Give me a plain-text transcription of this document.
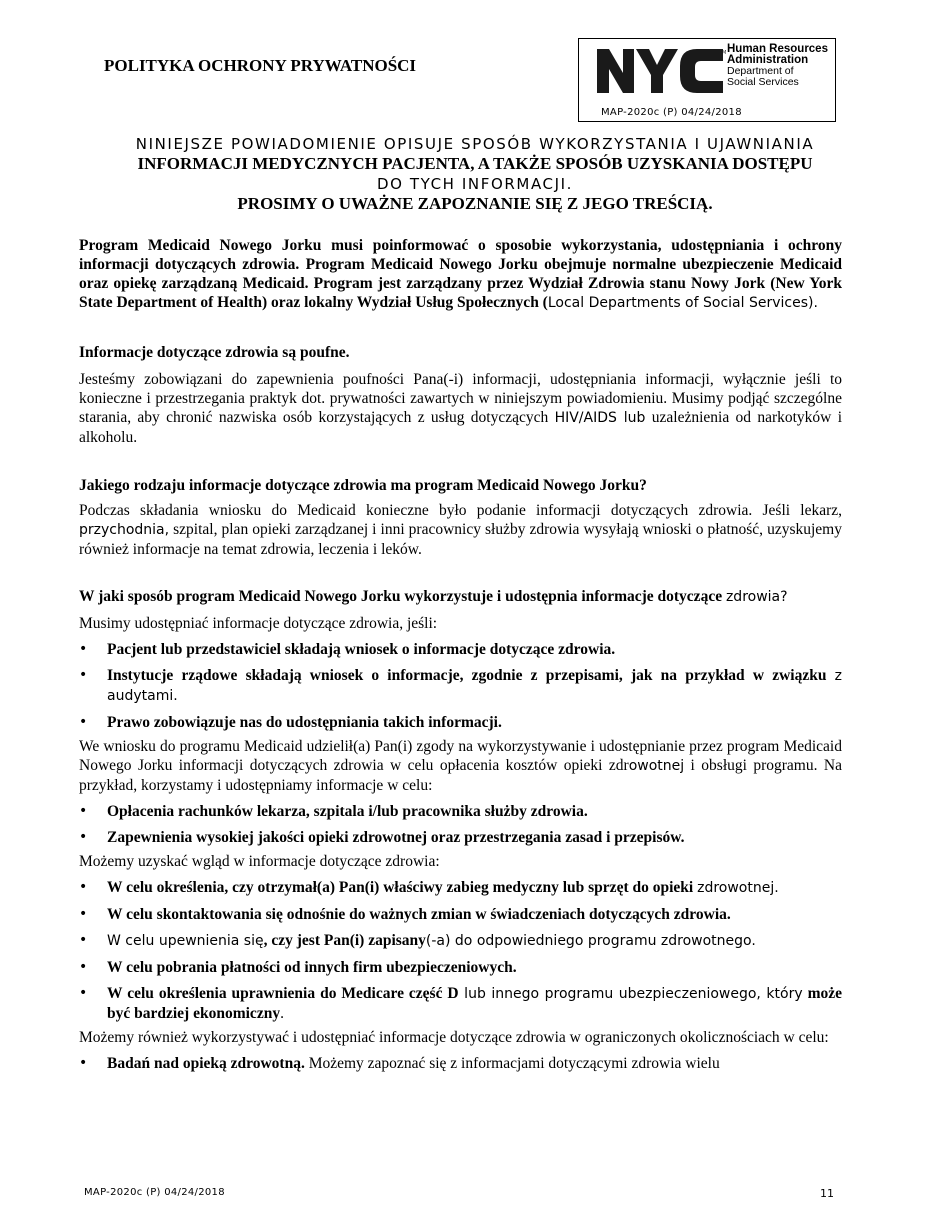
POLITYKA OCHRONY PRYWATNOŚCI
TM Human Resources
Administration
Department of
Social Services
MAP-2020c (P) 04/24/2018
NINIEJSZE POWIADOMIENIE OPISUJE SPOSÓB WYKORZYSTANIA I UJAWNIANIA
INFORMACJI MEDYCZNYCH PACJENTA, A TAKŻE SPOSÓB UZYSKANIA DOSTĘPU
DO TYCH INFORMACJI.
PROSIMY O UWAŻNE ZAPOZNANIE SIĘ Z JEGO TREŚCIĄ.

Program Medicaid Nowego Jorku musi poinformować o sposobie wykorzystania, udostępniania i ochrony informacji dotyczących zdrowia. Program Medicaid Nowego Jorku obejmuje normalne ubezpieczenie Medicaid oraz opiekę zarządzaną Medicaid. Program jest zarządzany przez Wydział Zdrowia stanu Nowy Jork (New York State Department of Health) oraz lokalny Wydział Usług Społecznych (Local Departments of Social Services).

Informacje dotyczące zdrowia są poufne.

Jesteśmy zobowiązani do zapewnienia poufności Pana(-i) informacji, udostępniania informacji, wyłącznie jeśli to konieczne i przestrzegania praktyk dot. prywatności zawartych w niniejszym powiadomieniu. Musimy podjąć szczególne starania, aby chronić nazwiska osób korzystających z usług dotyczących HIV/AIDS lub uzależnienia od narkotyków i alkoholu.

Jakiego rodzaju informacje dotyczące zdrowia ma program Medicaid Nowego Jorku?

Podczas składania wniosku do Medicaid konieczne było podanie informacji dotyczących zdrowia. Jeśli lekarz, przychodnia, szpital, plan opieki zarządzanej i inni pracownicy służby zdrowia wysyłają wnioski o płatność, uzyskujemy również informacje na temat zdrowia, leczenia i leków.

W jaki sposób program Medicaid Nowego Jorku wykorzystuje i udostępnia informacje dotyczące zdrowia?

Musimy udostępniać informacje dotyczące zdrowia, jeśli:

• Pacjent lub przedstawiciel składają wniosek o informacje dotyczące zdrowia.
• Instytucje rządowe składają wniosek o informacje, zgodnie z przepisami, jak na przykład w związku z audytami.
• Prawo zobowiązuje nas do udostępniania takich informacji.

We wniosku do programu Medicaid udzielił(a) Pan(i) zgody na wykorzystywanie i udostępnianie przez program Medicaid Nowego Jorku informacji dotyczących zdrowia w celu opłacenia kosztów opieki zdrowotnej i obsługi programu. Na przykład, korzystamy i udostępniamy informacje w celu:

• Opłacenia rachunków lekarza, szpitala i/lub pracownika służby zdrowia.
• Zapewnienia wysokiej jakości opieki zdrowotnej oraz przestrzegania zasad i przepisów.

Możemy uzyskać wgląd w informacje dotyczące zdrowia:

• W celu określenia, czy otrzymał(a) Pan(i) właściwy zabieg medyczny lub sprzęt do opieki zdrowotnej.
• W celu skontaktowania się odnośnie do ważnych zmian w świadczeniach dotyczących zdrowia.
• W celu upewnienia się, czy jest Pan(i) zapisany(-a) do odpowiedniego programu zdrowotnego.
• W celu pobrania płatności od innych firm ubezpieczeniowych.
• W celu określenia uprawnienia do Medicare część D lub innego programu ubezpieczeniowego, który może być bardziej ekonomiczny.

Możemy również wykorzystywać i udostępniać informacje dotyczące zdrowia w ograniczonych okolicznościach w celu:

• Badań nad opieką zdrowotną. Możemy zapoznać się z informacjami dotyczącymi zdrowia wielu
MAP-2020c (P) 04/24/2018	11
